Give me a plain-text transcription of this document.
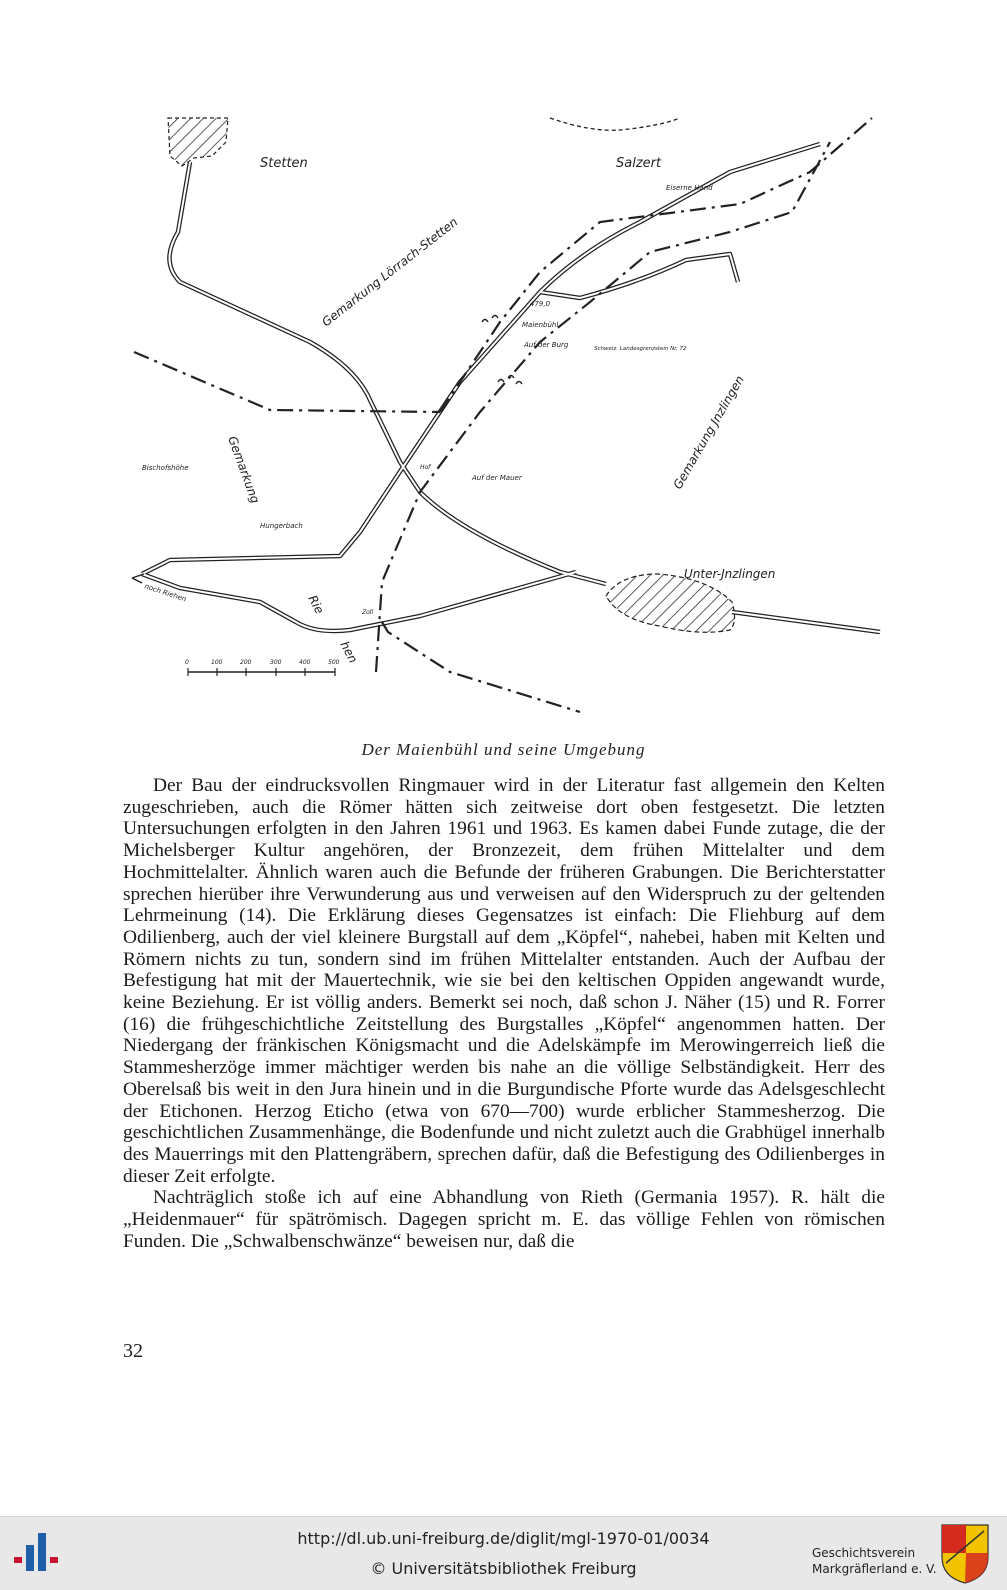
Stetten	Salzert
Eiserne Hand
Gemarkung Lörrach-Stetten	479,0
Maienbühl
Auf der Burg	Schweiz. Landesgrenzstein Nr. 72
Gemarkung Jnzlingen
Bischofshöhe	Gemarkung	Hof
Auf der Mauer
Hungerbach
Unter-Jnzlingen
noch Riehen
Rie
hen
Zoll
0	100	200	300	400	500
Der Maienbühl und seine Umgebung

Der Bau der eindrucksvollen Ringmauer wird in der Literatur fast allgemein den Kelten zugeschrieben, auch die Römer hätten sich zeitweise dort oben festgesetzt. Die letzten Untersuchungen erfolgten in den Jahren 1961 und 1963. Es kamen dabei Funde zutage, die der Michelsberger Kultur angehören, der Bronzezeit, dem frühen Mittelalter und dem Hochmittelalter. Ähnlich waren auch die Befunde der früheren Grabungen. Die Berichterstatter sprechen hierüber ihre Verwunderung aus und verweisen auf den Widerspruch zu der geltenden Lehrmeinung (14). Die Erklärung dieses Gegensatzes ist einfach: Die Fliehburg auf dem Odilienberg, auch der viel kleinere Burgstall auf dem „Köpfel“, nahebei, haben mit Kelten und Römern nichts zu tun, sondern sind im frühen Mittelalter entstanden. Auch der Aufbau der Befestigung hat mit der Mauertechnik, wie sie bei den keltischen Oppiden angewandt wurde, keine Beziehung. Er ist völlig anders. Bemerkt sei noch, daß schon J. Näher (15) und R. Forrer (16) die frühgeschichtliche Zeitstellung des Burgstalles „Köpfel“ angenommen hatten. Der Niedergang der fränkischen Königsmacht und die Adelskämpfe im Merowingerreich ließ die Stammesherzöge immer mächtiger werden bis nahe an die völlige Selbständigkeit. Herr des Oberelsaß bis weit in den Jura hinein und in die Burgundische Pforte wurde das Adelsgeschlecht der Etichonen. Herzog Eticho (etwa von 670—700) wurde erblicher Stammesherzog. Die geschichtlichen Zusammenhänge, die Bodenfunde und nicht zuletzt auch die Grabhügel innerhalb des Mauerrings mit den Plattengräbern, sprechen dafür, daß die Befestigung des Odilienberges in dieser Zeit erfolgte.

Nachträglich stoße ich auf eine Abhandlung von Rieth (Germania 1957). R. hält die „Heidenmauer“ für spätrömisch. Dagegen spricht m. E. das völlige Fehlen von römischen Funden. Die „Schwalbenschwänze“ beweisen nur, daß die

32
http://dl.ub.uni-freiburg.de/diglit/mgl-1970-01/0034
© Universitätsbibliothek Freiburg
Geschichtsverein
Markgräflerland e. V.
